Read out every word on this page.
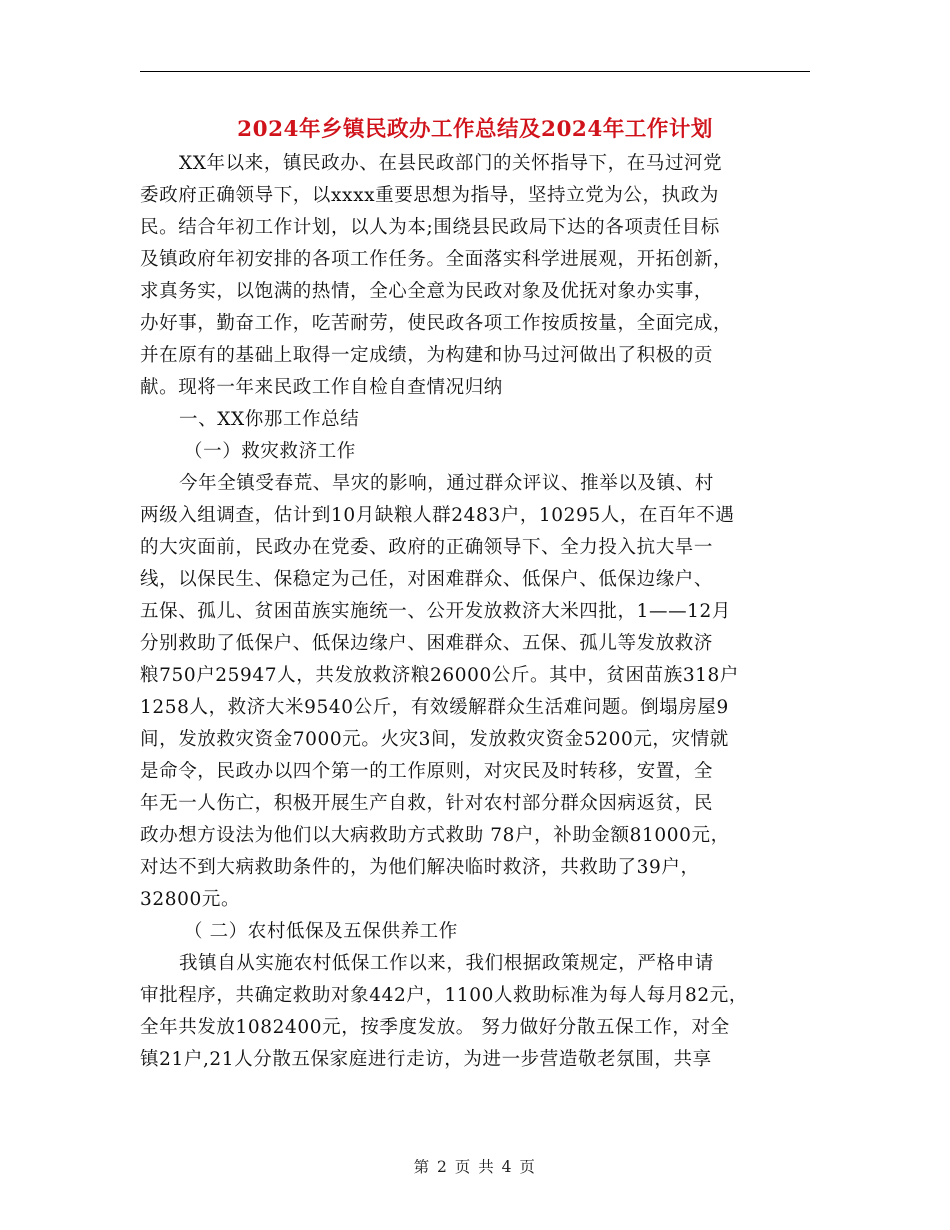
2024年乡镇民政办工作总结及2024年工作计划
XX年以来，镇民政办、在县民政部门的关怀指导下，在马过河党
委政府正确领导下，以xxxx重要思想为指导，坚持立党为公，执政为
民。结合年初工作计划，以人为本;围绕县民政局下达的各项责任目标
及镇政府年初安排的各项工作任务。全面落实科学进展观，开拓创新，
求真务实，以饱满的热情，全心全意为民政对象及优抚对象办实事，
办好事，勤奋工作，吃苦耐劳，使民政各项工作按质按量，全面完成，
并在原有的基础上取得一定成绩，为构建和协马过河做出了积极的贡
献。现将一年来民政工作自检自查情况归纳
一、XX你那工作总结
（一）救灾救济工作
今年全镇受春荒、旱灾的影响，通过群众评议、推举以及镇、村
两级入组调查，估计到10月缺粮人群2483户，10295人，在百年不遇
的大灾面前，民政办在党委、政府的正确领导下、全力投入抗大旱一
线，以保民生、保稳定为己任，对困难群众、低保户、低保边缘户、
五保、孤儿、贫困苗族实施统一、公开发放救济大米四批，1——12月
分别救助了低保户、低保边缘户、困难群众、五保、孤儿等发放救济
粮750户25947人，共发放救济粮26000公斤。其中，贫困苗族318户
1258人，救济大米9540公斤，有效缓解群众生活难问题。倒塌房屋9
间，发放救灾资金7000元。火灾3间，发放救灾资金5200元，灾情就
是命令，民政办以四个第一的工作原则，对灾民及时转移，安置，全
年无一人伤亡，积极开展生产自救，针对农村部分群众因病返贫，民
政办想方设法为他们以大病救助方式救助 78户，补助金额81000元，
对达不到大病救助条件的，为他们解决临时救济，共救助了39户，
32800元。
（ 二）农村低保及五保供养工作
我镇自从实施农村低保工作以来，我们根据政策规定，严格申请
审批程序，共确定救助对象442户，1100人救助标准为每人每月82元，
全年共发放1082400元，按季度发放。 努力做好分散五保工作，对全
镇21户,21人分散五保家庭进行走访，为进一步营造敬老氛围，共享
第 2 页 共 4 页
